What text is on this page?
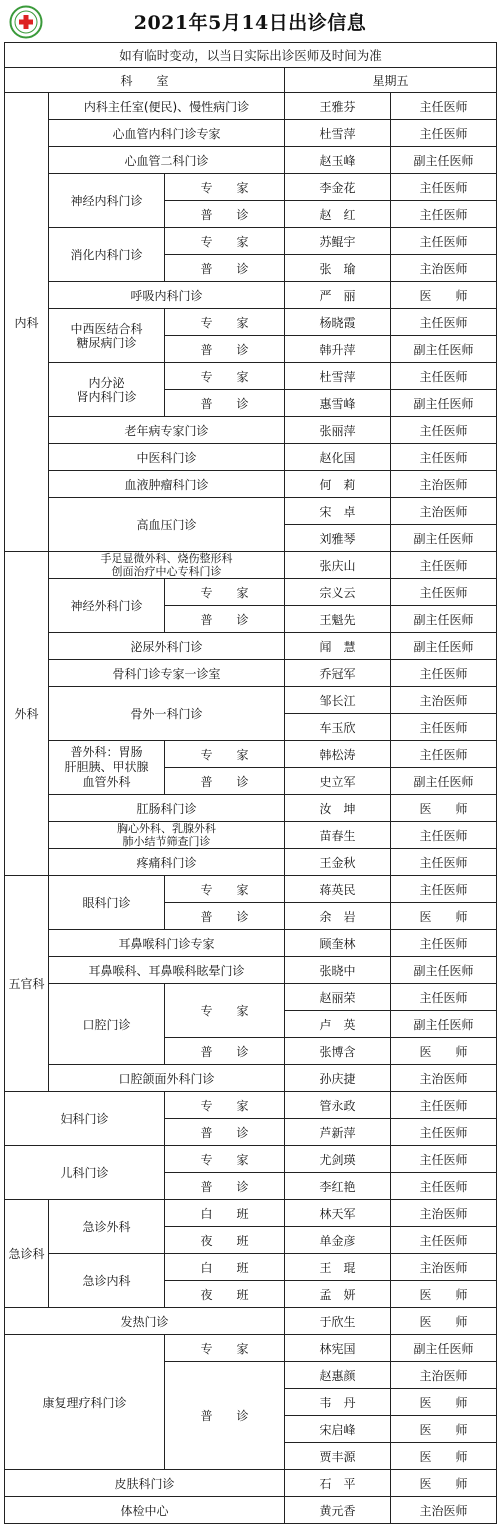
2021年5月14日出诊信息
如有临时变动，以当日实际出诊医师及时间为准				
科　　室			星期五	
内科	内科主任室(便民)、慢性病门诊		王雅芬	主任医师
	心血管内科门诊专家		杜雪萍	主任医师
	心血管二科门诊		赵玉峰	副主任医师
	神经内科门诊	专　　家	李金花	主任医师
		普　　诊	赵　红	主任医师
	消化内科门诊	专　　家	苏鲲宇	主任医师
		普　　诊	张　瑜	主治医师
	呼吸内科门诊		严　丽	医　　师
	中西医结合科
糖尿病门诊	专　　家	杨晓霞	主任医师
		普　　诊	韩升萍	副主任医师
	内分泌
肾内科门诊	专　　家	杜雪萍	主任医师
		普　　诊	惠雪峰	副主任医师
	老年病专家门诊		张丽萍	主任医师
	中医科门诊		赵化国	主任医师
	血液肿瘤科门诊		何　莉	主治医师
	高血压门诊		宋　卓	主治医师
			刘雅琴	副主任医师
外科	手足显微外科、烧伤整形科
创面治疗中心专科门诊		张庆山	主任医师
	神经外科门诊	专　　家	宗义云	主任医师
		普　　诊	王魁先	副主任医师
	泌尿外科门诊		闻　慧	副主任医师
	骨科门诊专家一诊室		乔冠军	主任医师
	骨外一科门诊		邹长江	主治医师
			车玉欣	主任医师
	普外科：胃肠
肝胆胰、甲状腺
血管外科	专　　家	韩松涛	主任医师
		普　　诊	史立军	副主任医师
	肛肠科门诊		汝　坤	医　　师
	胸心外科、乳腺外科
肺小结节筛查门诊		苗春生	主任医师
	疼痛科门诊		王金秋	主任医师
五官科	眼科门诊	专　　家	蒋英民	主任医师
		普　　诊	余　岩	医　　师
	耳鼻喉科门诊专家		顾奎林	主任医师
	耳鼻喉科、耳鼻喉科眩晕门诊		张晓中	副主任医师
	口腔门诊	专　　家	赵丽荣	主任医师
			卢　英	副主任医师
		普　　诊	张博含	医　　师
	口腔颌面外科门诊		孙庆捷	主治医师
妇科门诊		专　　家	管永政	主任医师
		普　　诊	芦新萍	主任医师
儿科门诊		专　　家	尤剑瑛	主任医师
		普　　诊	李红艳	主任医师
急诊科	急诊外科	白　　班	林天军	主治医师
		夜　　班	单金彦	主任医师
	急诊内科	白　　班	王　琨	主治医师
		夜　　班	孟　妍	医　　师
发热门诊			于欣生	医　　师
康复理疗科门诊		专　　家	林宪国	副主任医师
		普　　诊	赵惠颜	主治医师
			韦　丹	医　　师
			宋启峰	医　　师
			贾丰源	医　　师
皮肤科门诊			石　平	医　　师
体检中心			黄元香	主治医师
